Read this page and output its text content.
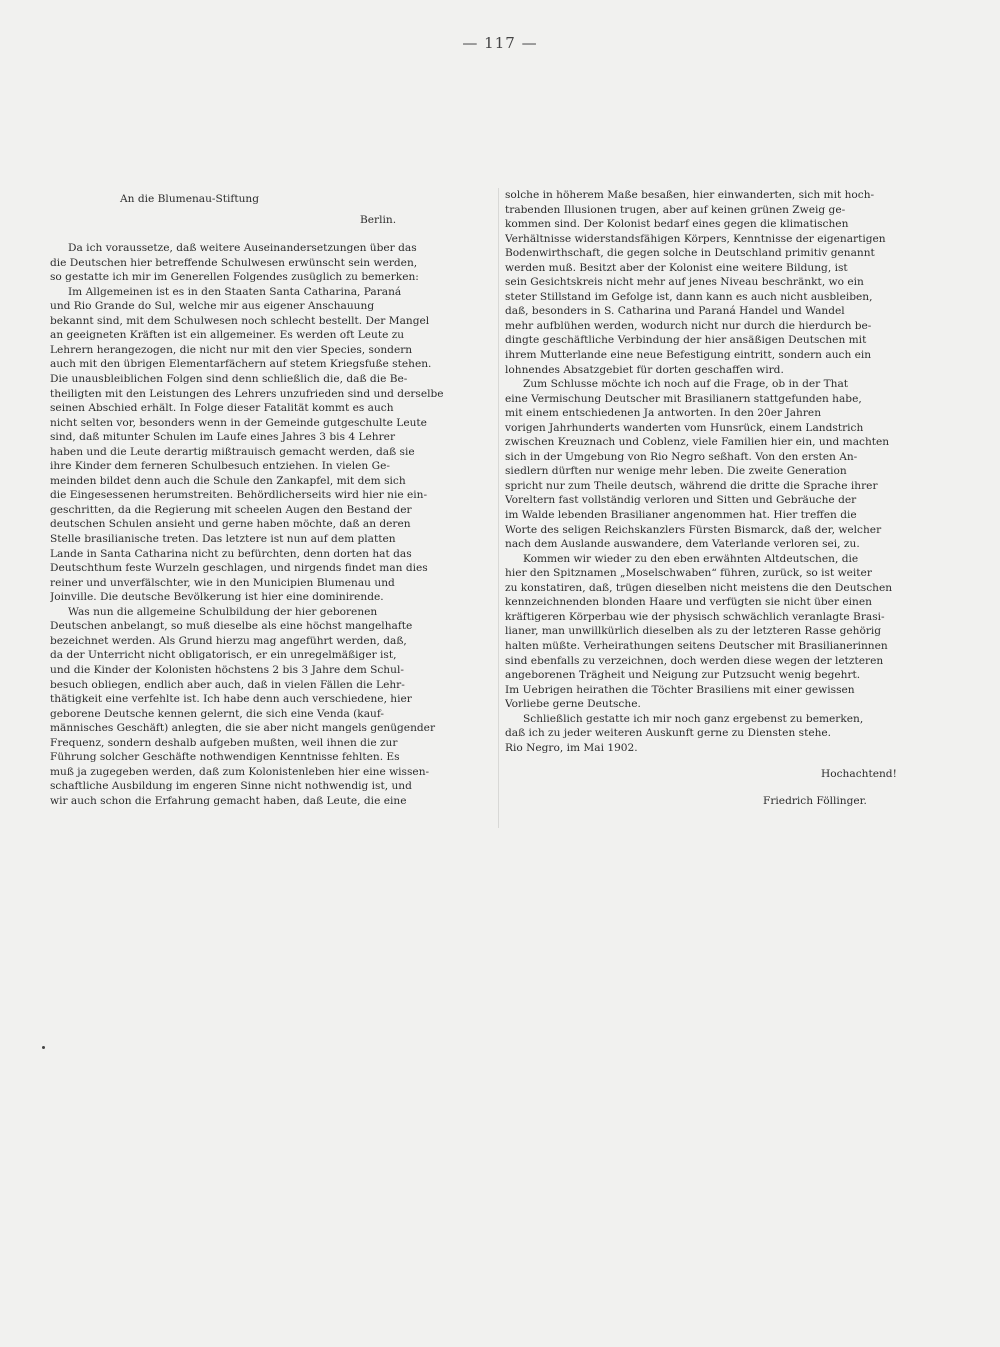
— 117 —
An die Blumenau-Stiftung
Berlin.
Da ich voraussetze, daß weitere Auseinandersetzungen über das
die Deutschen hier betreffende Schulwesen erwünscht sein werden,
so gestatte ich mir im Generellen Folgendes zusüglich zu bemerken:
Im Allgemeinen ist es in den Staaten Santa Catharina, Paraná
und Rio Grande do Sul, welche mir aus eigener Anschauung
bekannt sind, mit dem Schulwesen noch schlecht bestellt. Der Mangel
an geeigneten Kräften ist ein allgemeiner. Es werden oft Leute zu
Lehrern herangezogen, die nicht nur mit den vier Species, sondern
auch mit den übrigen Elementarfächern auf stetem Kriegsfuße stehen.
Die unausbleiblichen Folgen sind denn schließlich die, daß die Be-
theiligten mit den Leistungen des Lehrers unzufrieden sind und derselbe
seinen Abschied erhält. In Folge dieser Fatalität kommt es auch
nicht selten vor, besonders wenn in der Gemeinde gutgeschulte Leute
sind, daß mitunter Schulen im Laufe eines Jahres 3 bis 4 Lehrer
haben und die Leute derartig mißtrauisch gemacht werden, daß sie
ihre Kinder dem ferneren Schulbesuch entziehen. In vielen Ge-
meinden bildet denn auch die Schule den Zankapfel, mit dem sich
die Eingesessenen herumstreiten. Behördlicherseits wird hier nie ein-
geschritten, da die Regierung mit scheelen Augen den Bestand der
deutschen Schulen ansieht und gerne haben möchte, daß an deren
Stelle brasilianische treten. Das letztere ist nun auf dem platten
Lande in Santa Catharina nicht zu befürchten, denn dorten hat das
Deutschthum feste Wurzeln geschlagen, und nirgends findet man dies
reiner und unverfälschter, wie in den Municipien Blumenau und
Joinville. Die deutsche Bevölkerung ist hier eine dominirende.
Was nun die allgemeine Schulbildung der hier geborenen
Deutschen anbelangt, so muß dieselbe als eine höchst mangelhafte
bezeichnet werden. Als Grund hierzu mag angeführt werden, daß,
da der Unterricht nicht obligatorisch, er ein unregelmäßiger ist,
und die Kinder der Kolonisten höchstens 2 bis 3 Jahre dem Schul-
besuch obliegen, endlich aber auch, daß in vielen Fällen die Lehr-
thätigkeit eine verfehlte ist. Ich habe denn auch verschiedene, hier
geborene Deutsche kennen gelernt, die sich eine Venda (kauf-
männisches Geschäft) anlegten, die sie aber nicht mangels genügender
Frequenz, sondern deshalb aufgeben mußten, weil ihnen die zur
Führung solcher Geschäfte nothwendigen Kenntnisse fehlten. Es
muß ja zugegeben werden, daß zum Kolonistenleben hier eine wissen-
schaftliche Ausbildung im engeren Sinne nicht nothwendig ist, und
wir auch schon die Erfahrung gemacht haben, daß Leute, die eine
solche in höherem Maße besaßen, hier einwanderten, sich mit hoch-
trabenden Illusionen trugen, aber auf keinen grünen Zweig ge-
kommen sind. Der Kolonist bedarf eines gegen die klimatischen
Verhältnisse widerstandsfähigen Körpers, Kenntnisse der eigenartigen
Bodenwirthschaft, die gegen solche in Deutschland primitiv genannt
werden muß. Besitzt aber der Kolonist eine weitere Bildung, ist
sein Gesichtskreis nicht mehr auf jenes Niveau beschränkt, wo ein
steter Stillstand im Gefolge ist, dann kann es auch nicht ausbleiben,
daß, besonders in S. Catharina und Paraná Handel und Wandel
mehr aufblühen werden, wodurch nicht nur durch die hierdurch be-
dingte geschäftliche Verbindung der hier ansäßigen Deutschen mit
ihrem Mutterlande eine neue Befestigung eintritt, sondern auch ein
lohnendes Absatzgebiet für dorten geschaffen wird.
Zum Schlusse möchte ich noch auf die Frage, ob in der That
eine Vermischung Deutscher mit Brasilianern stattgefunden habe,
mit einem entschiedenen Ja antworten. In den 20er Jahren
vorigen Jahrhunderts wanderten vom Hunsrück, einem Landstrich
zwischen Kreuznach und Coblenz, viele Familien hier ein, und machten
sich in der Umgebung von Rio Negro seßhaft. Von den ersten An-
siedlern dürften nur wenige mehr leben. Die zweite Generation
spricht nur zum Theile deutsch, während die dritte die Sprache ihrer
Voreltern fast vollständig verloren und Sitten und Gebräuche der
im Walde lebenden Brasilianer angenommen hat. Hier treffen die
Worte des seligen Reichskanzlers Fürsten Bismarck, daß der, welcher
nach dem Auslande auswandere, dem Vaterlande verloren sei, zu.
Kommen wir wieder zu den eben erwähnten Altdeutschen, die
hier den Spitznamen „Moselschwaben“ führen, zurück, so ist weiter
zu konstatiren, daß, trügen dieselben nicht meistens die den Deutschen
kennzeichnenden blonden Haare und verfügten sie nicht über einen
kräftigeren Körperbau wie der physisch schwächlich veranlagte Brasi-
lianer, man unwillkürlich dieselben als zu der letzteren Rasse gehörig
halten müßte. Verheirathungen seitens Deutscher mit Brasilianerinnen
sind ebenfalls zu verzeichnen, doch werden diese wegen der letzteren
angeborenen Trägheit und Neigung zur Putzsucht wenig begehrt.
Im Uebrigen heirathen die Töchter Brasiliens mit einer gewissen
Vorliebe gerne Deutsche.
Schließlich gestatte ich mir noch ganz ergebenst zu bemerken,
daß ich zu jeder weiteren Auskunft gerne zu Diensten stehe.
Rio Negro, im Mai 1902.
Hochachtend!
Friedrich Föllinger.
